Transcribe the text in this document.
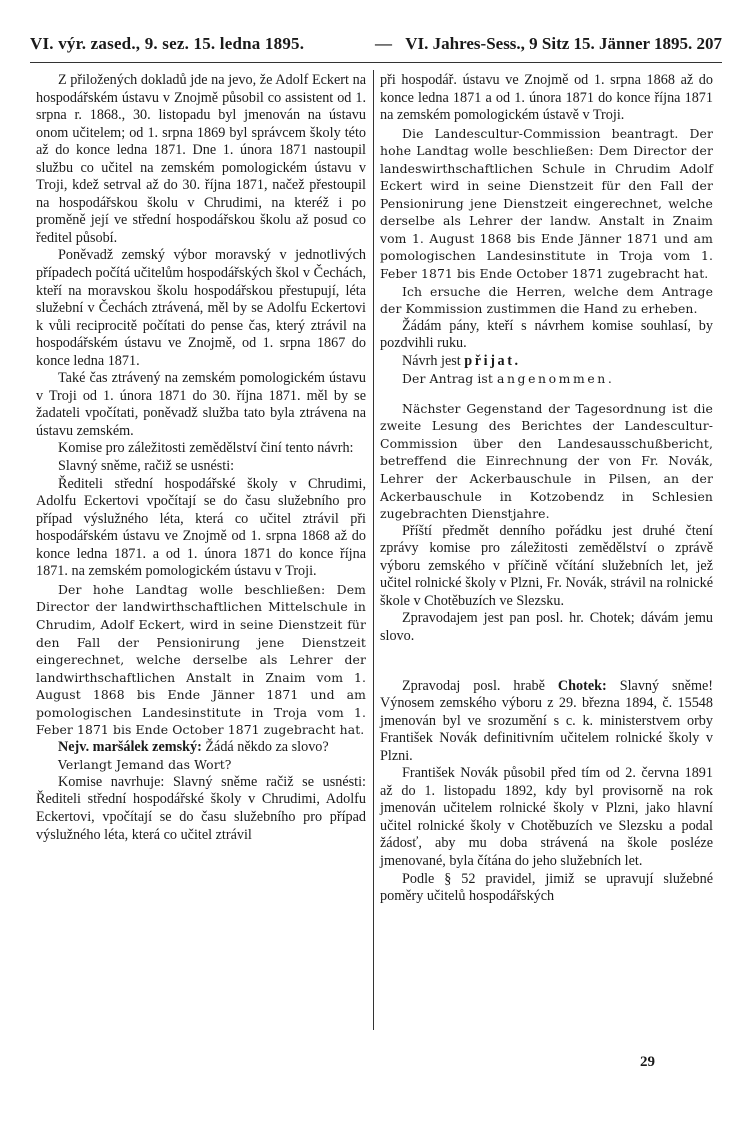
VI. výr. zased., 9. sez. 15. ledna 1895.	— VI. Jahres-Sess., 9 Sitz 15. Jänner 1895. 207

Z přiložených dokladů jde na jevo, že Adolf Eckert na hospodářském ústavu v Znojmě působil co assistent od 1. srpna r. 1868., 30. listopadu byl jmenován na ústavu onom učitelem; od 1. srpna 1869 byl správcem školy této až do konce ledna 1871. Dne 1. února 1871 nastoupil službu co učitel na zemském pomologickém ústavu v Troji, kdež setrval až do 30. října 1871, načež přestoupil na hospodářskou školu v Chrudimi, na kteréž i po proměně její ve střední hospodářskou školu až posud co ředitel působí.

Poněvadž zemský výbor moravský v jednotlivých případech počítá učitelům hospodářských škol v Čechách, kteří na moravskou školu hospodářskou přestupují, léta služební v Čechách ztrávená, měl by se Adolfu Eckertovi k vůli reciprocitě počítati do pense čas, který ztrávil na hospodářském ústavu ve Znojmě, od 1. srpna 1867 do konce ledna 1871.

Také čas ztrávený na zemském pomologickém ústavu v Troji od 1. února 1871 do 30. října 1871. měl by se žadateli vpočítati, poněvadž služba tato byla ztrávena na ústavu zemském.

Komise pro záležitosti zemědělství činí tento návrh:

Slavný sněme, račiž se usnésti:

Řediteli střední hospodářské školy v Chrudimi, Adolfu Eckertovi vpočítají se do času služebního pro případ výslužného léta, která co učitel ztrávil při hospodářském ústavu ve Znojmě od 1. srpna 1868 až do konce ledna 1871. a od 1. února 1871 do konce října 1871. na zemském pomologickém ústavu v Troji.

Der hohe Landtag wolle beschließen: Dem Director der landwirthschaftlichen Mittelschule in Chrudim, Adolf Eckert, wird in seine Dienstzeit für den Fall der Pensionirung jene Dienstzeit eingerechnet, welche derselbe als Lehrer der landwirthschaftlichen Anstalt in Znaim vom 1. August 1868 bis Ende Jänner 1871 und am pomologischen Landesinstitute in Troja vom 1. Feber 1871 bis Ende October 1871 zugebracht hat.

Nejv. maršálek zemský: Žádá někdo za slovo?

Verlangt Jemand das Wort?

Komise navrhuje: Slavný sněme račiž se usnésti: Řediteli střední hospodářské školy v Chrudimi, Adolfu Eckertovi, vpočítají se do času služebního pro případ výslužného léta, která co učitel ztrávil

při hospodář. ústavu ve Znojmě od 1. srpna 1868 až do konce ledna 1871 a od 1. února 1871 do konce října 1871 na zemském pomologickém ústavě v Troji.

Die Landescultur-Commission beantragt. Der hohe Landtag wolle beschließen: Dem Director der landeswirthschaftlichen Schule in Chrudim Adolf Eckert wird in seine Dienstzeit für den Fall der Pensionirung jene Dienstzeit eingerechnet, welche derselbe als Lehrer der landw. Anstalt in Znaim vom 1. August 1868 bis Ende Jänner 1871 und am pomologischen Landesinstitute in Troja vom 1. Feber 1871 bis Ende October 1871 zugebracht hat.

Ich ersuche die Herren, welche dem Antrage der Kommission zustimmen die Hand zu erheben.

Žádám pány, kteří s návrhem komise souhlasí, by pozdvihli ruku.

Návrh jest přijat.

Der Antrag ist angenommen.

Nächster Gegenstand der Tagesordnung ist die zweite Lesung des Berichtes der Landescultur-Commission über den Landesausschußbericht, betreffend die Einrechnung der von Fr. Novák, Lehrer der Ackerbauschule in Pilsen, an der Ackerbauschule in Kotzobendz in Schlesien zugebrachten Dienstjahre.

Příští předmět denního pořádku jest druhé čtení zprávy komise pro záležitosti zemědělství o zprávě výboru zemského v příčině včítání služebních let, jež učitel rolnické školy v Plzni, Fr. Novák, strávil na rolnické škole v Chotěbuzích ve Slezsku.

Zpravodajem jest pan posl. hr. Chotek; dávám jemu slovo.

Zpravodaj posl. hrabě Chotek: Slavný sněme! Výnosem zemského výboru z 29. března 1894, č. 15548 jmenován byl ve srozumění s c. k. ministerstvem orby František Novák definitivním učitelem rolnické školy v Plzni.

František Novák působil před tím od 2. června 1891 až do 1. listopadu 1892, kdy byl provisorně na rok jmenován učitelem rolnické školy v Plzni, jako hlavní učitel rolnické školy v Chotěbuzích ve Slezsku a podal žádosť, aby mu doba strávená na škole posléze jmenované, byla čítána do jeho služebních let.

Podle § 52 pravidel, jimiž se upravují služebné poměry učitelů hospodářských

29
